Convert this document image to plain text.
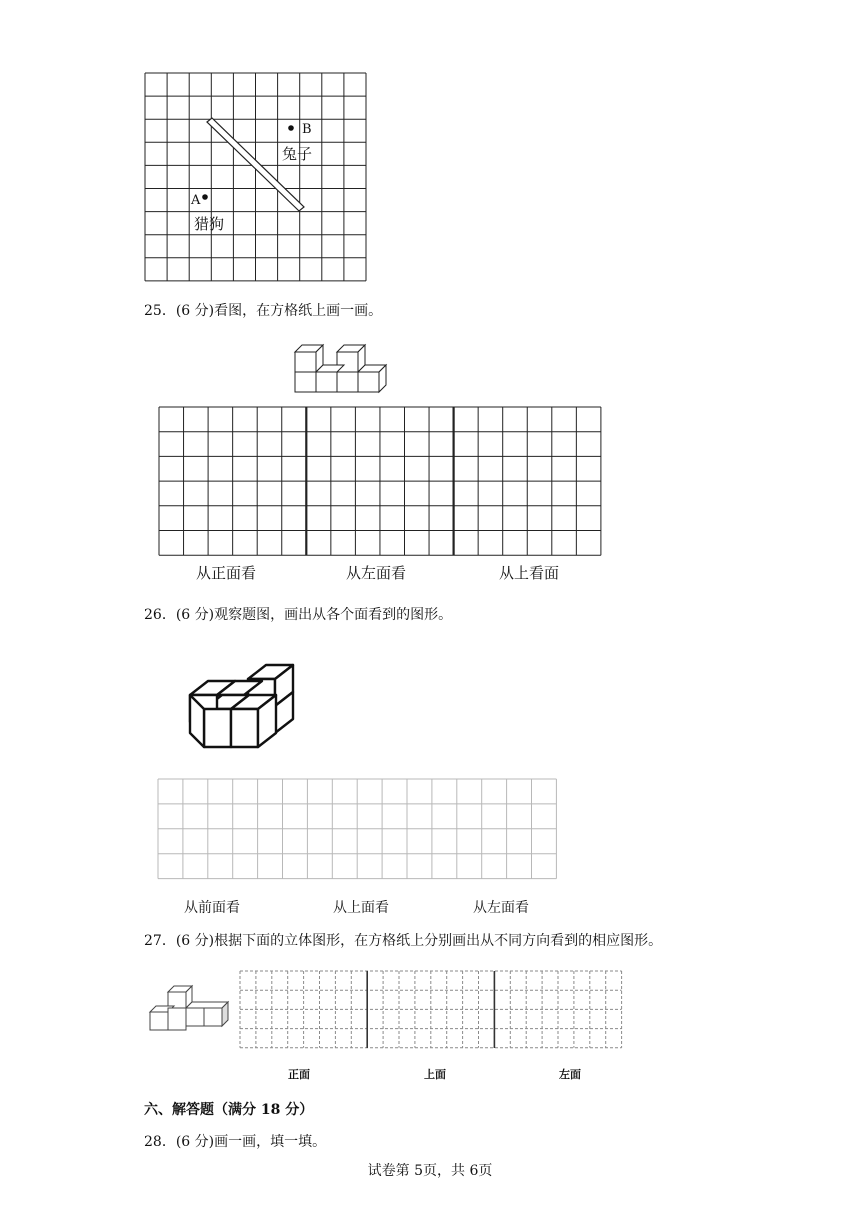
B
兔子
A
猎狗
25．(6 分)看图，在方格纸上画一画。
从正面看	从左面看	从上看面
26．(6 分)观察题图，画出从各个面看到的图形。
从前面看	从上面看	从左面看
27．(6 分)根据下面的立体图形，在方格纸上分别画出从不同方向看到的相应图形。
正面	上面	左面
六、解答题（满分 18 分）
28．(6 分)画一画，填一填。
试卷第 5页，共 6页
